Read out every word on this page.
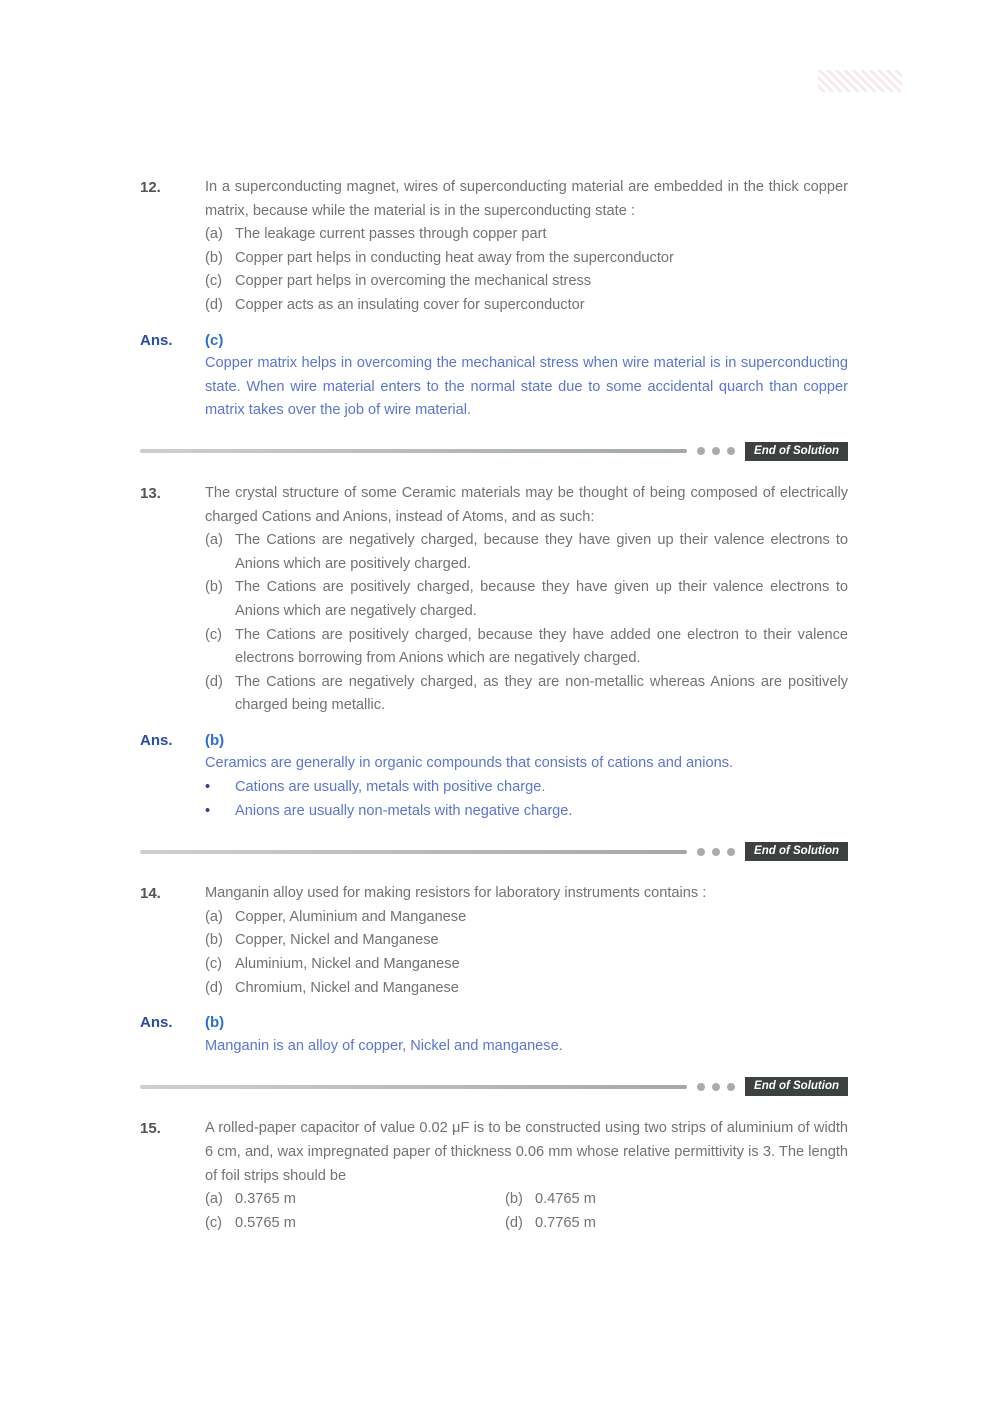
12.	In a superconducting magnet, wires of superconducting material are embedded in the thick copper matrix, because while the material is in the superconducting state :

(a) The leakage current passes through copper part
(b) Copper part helps in conducting heat away from the superconductor
(c) Copper part helps in overcoming the mechanical stress
(d) Copper acts as an insulating cover for superconductor
Ans.	(c)

Copper matrix helps in overcoming the mechanical stress when wire material is in superconducting state. When wire material enters to the normal state due to some accidental quarch than copper matrix takes over the job of wire material.

End of Solution
13.	The crystal structure of some Ceramic materials may be thought of being composed of electrically charged Cations and Anions, instead of Atoms, and as such:

(a) The Cations are negatively charged, because they have given up their valence electrons to Anions which are positively charged.
(b) The Cations are positively charged, because they have given up their valence electrons to Anions which are negatively charged.
(c) The Cations are positively charged, because they have added one electron to their valence electrons borrowing from Anions which are negatively charged.
(d) The Cations are negatively charged, as they are non-metallic whereas Anions are positively charged being metallic.
Ans.	(b)

Ceramics are generally in organic compounds that consists of cations and anions.

•	Cations are usually, metals with positive charge.
•	Anions are usually non-metals with negative charge.
End of Solution
14.	Manganin alloy used for making resistors for laboratory instruments contains :

(a) Copper, Aluminium and Manganese
(b) Copper, Nickel and Manganese
(c) Aluminium, Nickel and Manganese
(d) Chromium, Nickel and Manganese
Ans.	(b)

Manganin is an alloy of copper, Nickel and manganese.

End of Solution
15.	A rolled-paper capacitor of value 0.02 μF is to be constructed using two strips of aluminium of width 6 cm, and, wax impregnated paper of thickness 0.06 mm whose relative permittivity is 3. The length of foil strips should be

(a) 0.3765 m	(b) 0.4765 m
(c) 0.5765 m	(d) 0.7765 m
